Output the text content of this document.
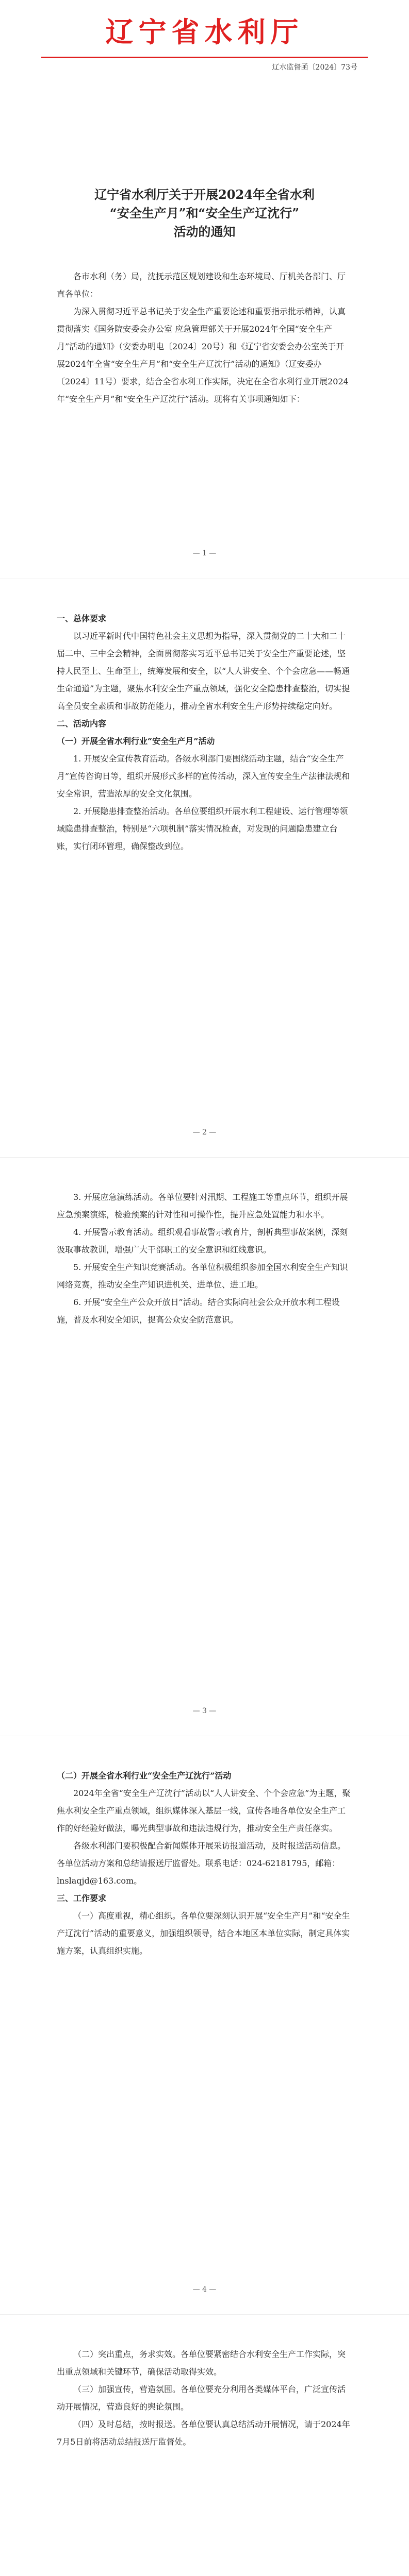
辽宁省水利厅
辽水监督函〔2024〕73号
辽宁省水利厅关于开展2024年全省水利
“安全生产月”和“安全生产辽沈行”
活动的通知

各市水利（务）局，沈抚示范区规划建设和生态环境局、厅机关各部门、厅直各单位：

为深入贯彻习近平总书记关于安全生产重要论述和重要指示批示精神，认真贯彻落实《国务院安委会办公室 应急管理部关于开展2024年全国“安全生产月”活动的通知》（安委办明电〔2024〕20号）和《辽宁省安委会办公室关于开展2024年全省“安全生产月”和“安全生产辽沈行”活动的通知》（辽安委办〔2024〕11号）要求，结合全省水利工作实际，决定在全省水利行业开展2024年“安全生产月”和“安全生产辽沈行”活动。现将有关事项通知如下：

— 1 —

一、总体要求

以习近平新时代中国特色社会主义思想为指导，深入贯彻党的二十大和二十届二中、三中全会精神，全面贯彻落实习近平总书记关于安全生产重要论述，坚持人民至上、生命至上，统筹发展和安全，以“人人讲安全、个个会应急——畅通生命通道”为主题，聚焦水利安全生产重点领域，强化安全隐患排查整治，切实提高全员安全素质和事故防范能力，推动全省水利安全生产形势持续稳定向好。

二、活动内容

（一）开展全省水利行业“安全生产月”活动

1. 开展安全宣传教育活动。各级水利部门要围绕活动主题，结合“安全生产月”宣传咨询日等，组织开展形式多样的宣传活动，深入宣传安全生产法律法规和安全常识，营造浓厚的安全文化氛围。

2. 开展隐患排查整治活动。各单位要组织开展水利工程建设、运行管理等领域隐患排查整治，特别是“六项机制”落实情况检查，对发现的问题隐患建立台账，实行闭环管理，确保整改到位。

— 2 —

3. 开展应急演练活动。各单位要针对汛期、工程施工等重点环节，组织开展应急预案演练，检验预案的针对性和可操作性，提升应急处置能力和水平。

4. 开展警示教育活动。组织观看事故警示教育片，剖析典型事故案例，深刻汲取事故教训，增强广大干部职工的安全意识和红线意识。

5. 开展安全生产知识竞赛活动。各单位积极组织参加全国水利安全生产知识网络竞赛，推动安全生产知识进机关、进单位、进工地。

6. 开展“安全生产公众开放日”活动。结合实际向社会公众开放水利工程设施，普及水利安全知识，提高公众安全防范意识。

— 3 —

（二）开展全省水利行业“安全生产辽沈行”活动

2024年全省“安全生产辽沈行”活动以“人人讲安全、个个会应急”为主题，聚焦水利安全生产重点领域，组织媒体深入基层一线，宣传各地各单位安全生产工作的好经验好做法，曝光典型事故和违法违规行为，推动安全生产责任落实。

各级水利部门要积极配合新闻媒体开展采访报道活动，及时报送活动信息。各单位活动方案和总结请报送厅监督处。联系电话：024-62181795，邮箱：lnslaqjd@163.com。

三、工作要求

（一）高度重视，精心组织。各单位要深刻认识开展“安全生产月”和“安全生产辽沈行”活动的重要意义，加强组织领导，结合本地区本单位实际，制定具体实施方案，认真组织实施。

— 4 —

（二）突出重点，务求实效。各单位要紧密结合水利安全生产工作实际，突出重点领域和关键环节，确保活动取得实效。

（三）加强宣传，营造氛围。各单位要充分利用各类媒体平台，广泛宣传活动开展情况，营造良好的舆论氛围。

（四）及时总结，按时报送。各单位要认真总结活动开展情况，请于2024年7月5日前将活动总结报送厅监督处。
